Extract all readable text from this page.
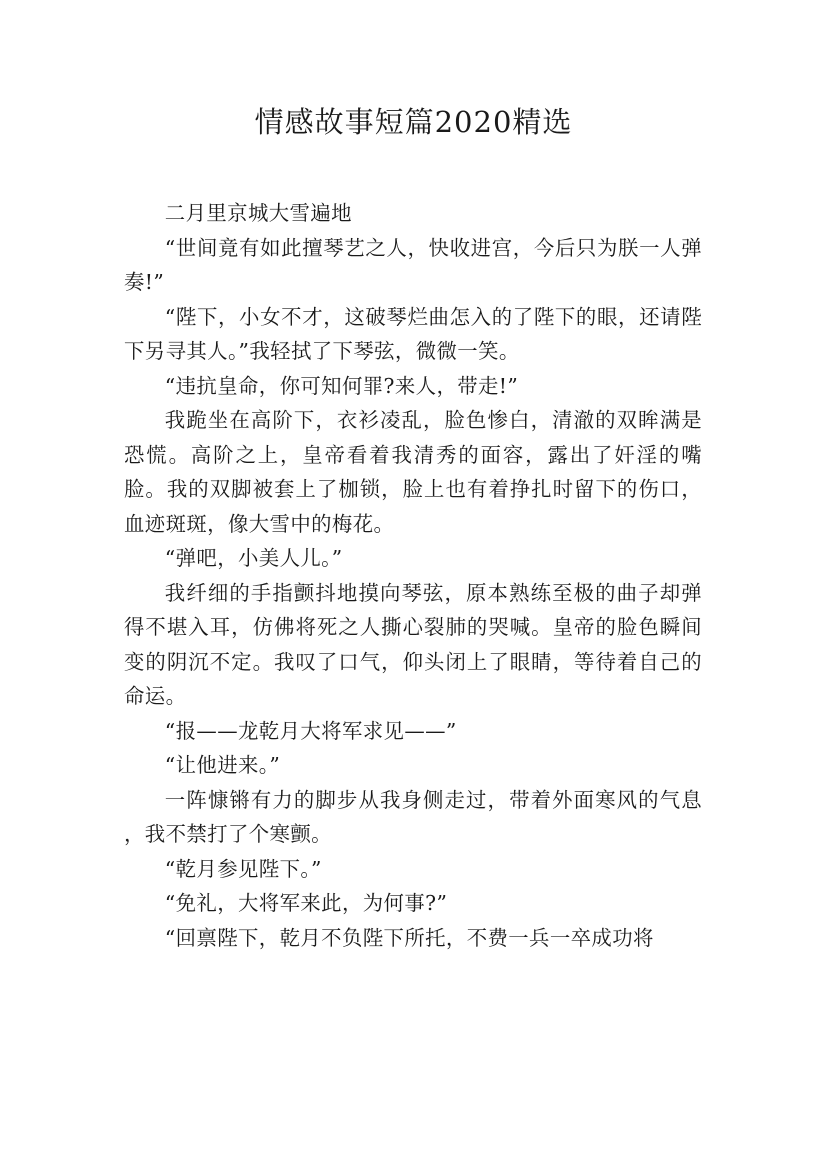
情感故事短篇2020精选

二月里京城大雪遍地

“世间竟有如此擅琴艺之人，快收进宫，今后只为朕一人弹奏!”

“陛下，小女不才，这破琴烂曲怎入的了陛下的眼，还请陛下另寻其人。”我轻拭了下琴弦，微微一笑。

“违抗皇命，你可知何罪?来人，带走!”

我跪坐在高阶下，衣衫凌乱，脸色惨白，清澈的双眸满是恐慌。高阶之上，皇帝看着我清秀的面容，露出了奸淫的嘴脸。我的双脚被套上了枷锁，脸上也有着挣扎时留下的伤口，血迹斑斑，像大雪中的梅花。

“弹吧，小美人儿。”

我纤细的手指颤抖地摸向琴弦，原本熟练至极的曲子却弹得不堪入耳，仿佛将死之人撕心裂肺的哭喊。皇帝的脸色瞬间变的阴沉不定。我叹了口气，仰头闭上了眼睛，等待着自己的命运。

“报——龙乾月大将军求见——”

“让他进来。”

一阵慷锵有力的脚步从我身侧走过，带着外面寒风的气息 ，我不禁打了个寒颤。

“乾月参见陛下。”

“免礼，大将军来此，为何事?”

“回禀陛下，乾月不负陛下所托，不费一兵一卒成功将
